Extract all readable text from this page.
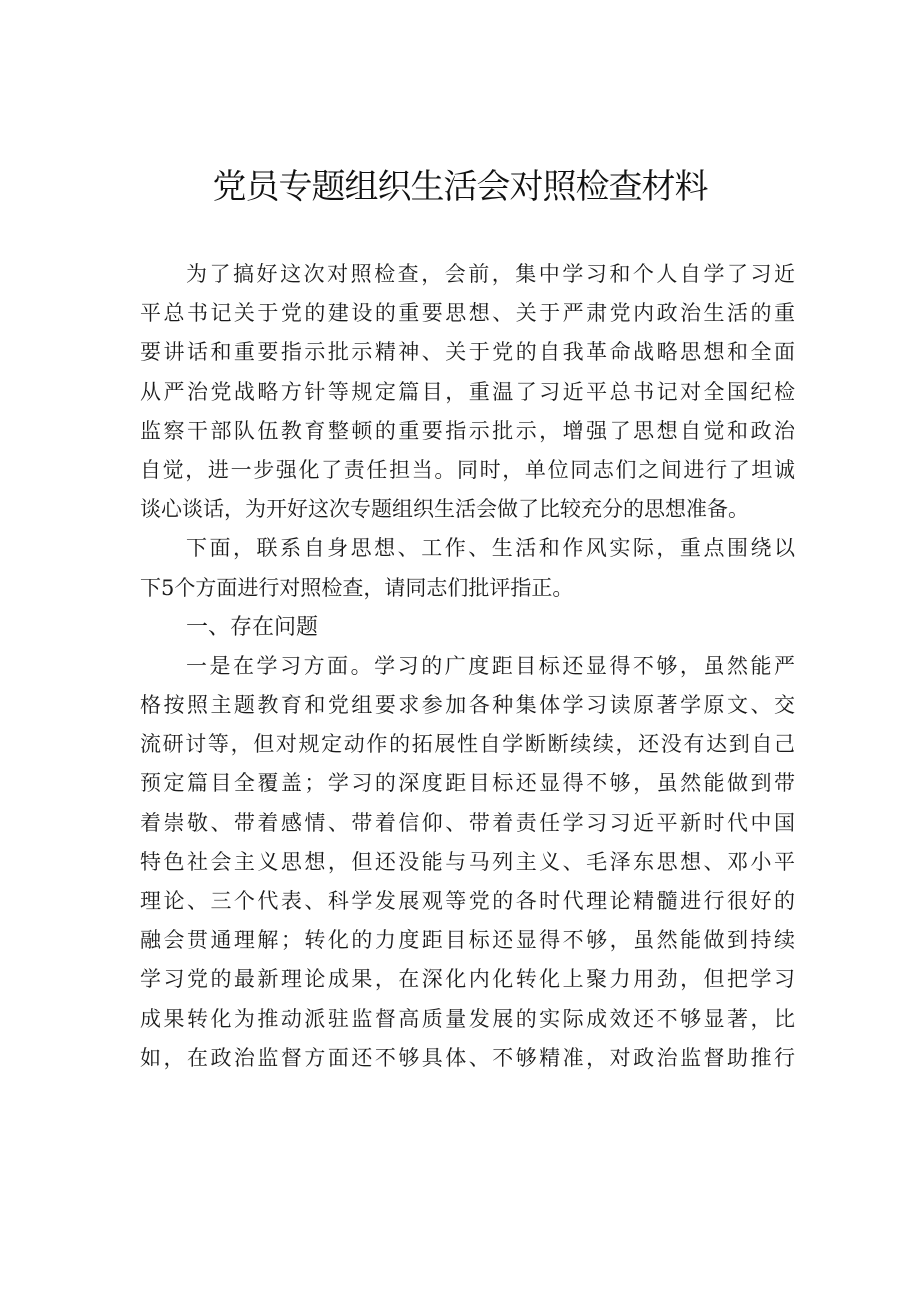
党员专题组织生活会对照检查材料
为了搞好这次对照检查，会前，集中学习和个人自学了习近
平总书记关于党的建设的重要思想、关于严肃党内政治生活的重
要讲话和重要指示批示精神、关于党的自我革命战略思想和全面
从严治党战略方针等规定篇目，重温了习近平总书记对全国纪检
监察干部队伍教育整顿的重要指示批示，增强了思想自觉和政治
自觉，进一步强化了责任担当。同时，单位同志们之间进行了坦诚
谈心谈话，为开好这次专题组织生活会做了比较充分的思想准备。
下面，联系自身思想、工作、生活和作风实际，重点围绕以
下5个方面进行对照检查，请同志们批评指正。
一、存在问题
一是在学习方面。学习的广度距目标还显得不够，虽然能严
格按照主题教育和党组要求参加各种集体学习读原著学原文、交
流研讨等，但对规定动作的拓展性自学断断续续，还没有达到自己
预定篇目全覆盖；学习的深度距目标还显得不够，虽然能做到带
着崇敬、带着感情、带着信仰、带着责任学习习近平新时代中国
特色社会主义思想，但还没能与马列主义、毛泽东思想、邓小平
理论、三个代表、科学发展观等党的各时代理论精髓进行很好的
融会贯通理解；转化的力度距目标还显得不够，虽然能做到持续
学习党的最新理论成果，在深化内化转化上聚力用劲，但把学习
成果转化为推动派驻监督高质量发展的实际成效还不够显著，比
如，在政治监督方面还不够具体、不够精准，对政治监督助推行
